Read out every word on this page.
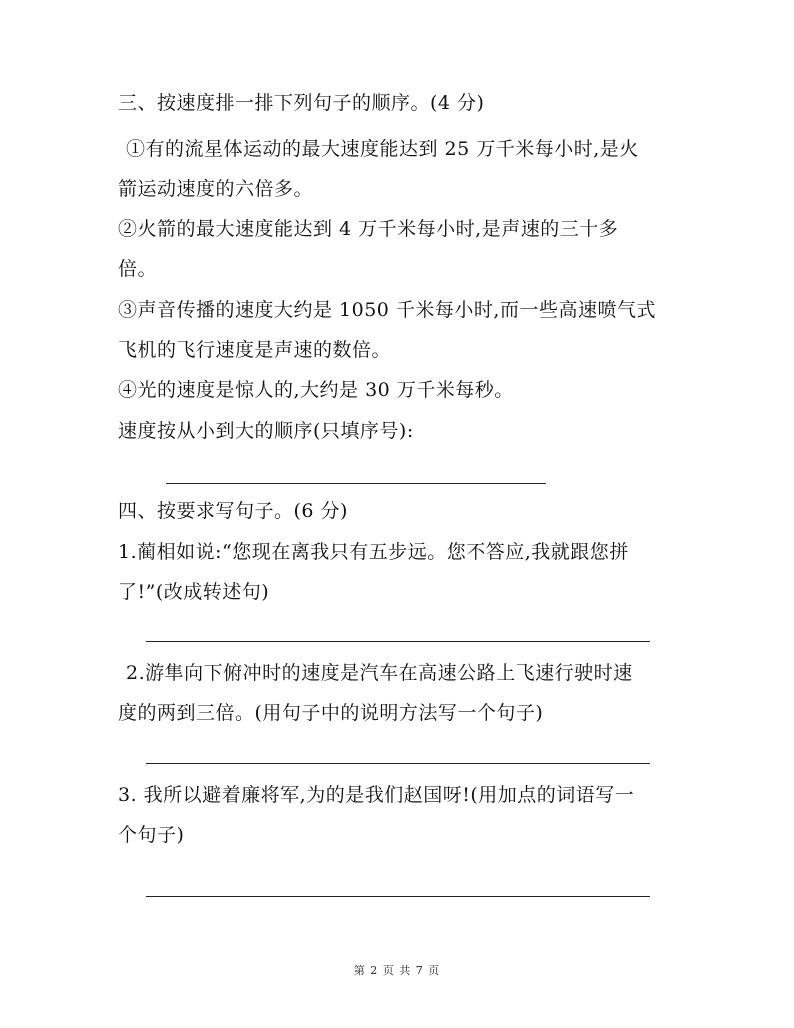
三、按速度排一排下列句子的顺序。(4 分)
①有的流星体运动的最大速度能达到 25 万千米每小时,是火
箭运动速度的六倍多。
②火箭的最大速度能达到 4 万千米每小时,是声速的三十多
倍。
③声音传播的速度大约是 1050 千米每小时,而一些高速喷气式
飞机的飞行速度是声速的数倍。
④光的速度是惊人的,大约是 30 万千米每秒。
速度按从小到大的顺序(只填序号):
四、按要求写句子。(6 分)
1.蔺相如说:“您现在离我只有五步远。您不答应,我就跟您拼
了!”(改成转述句)
2.游隼向下俯冲时的速度是汽车在高速公路上飞速行驶时速
度的两到三倍。(用句子中的说明方法写一个句子)
3. 我所以避着廉将军,为的是我们赵国呀!(用加点的词语写一
个句子)
第 2 页 共 7 页
